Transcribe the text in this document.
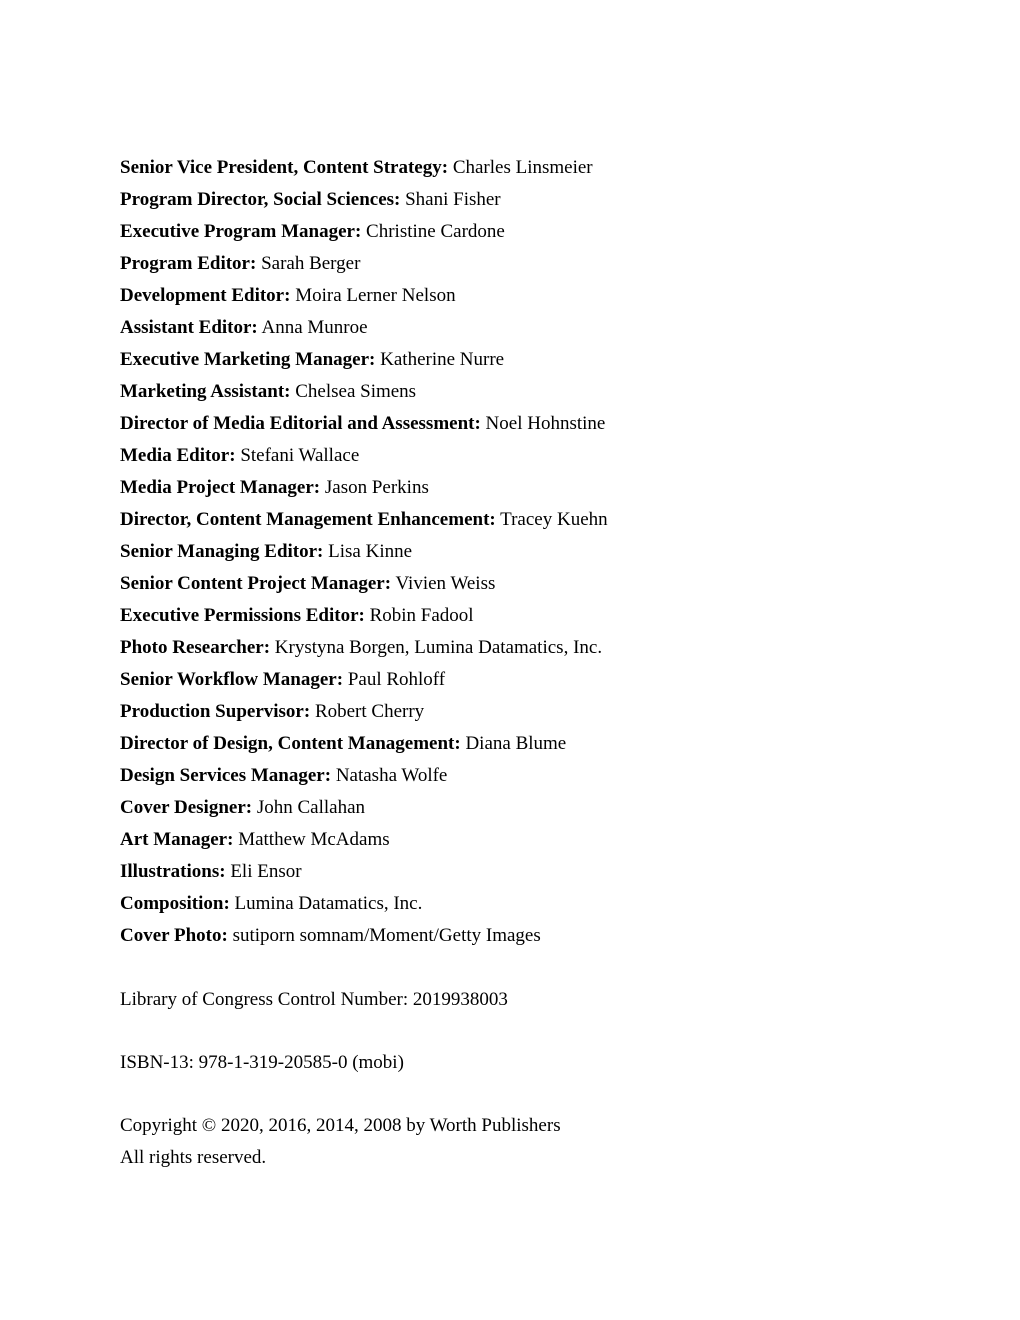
Senior Vice President, Content Strategy: Charles Linsmeier
Program Director, Social Sciences: Shani Fisher
Executive Program Manager: Christine Cardone
Program Editor: Sarah Berger
Development Editor: Moira Lerner Nelson
Assistant Editor: Anna Munroe
Executive Marketing Manager: Katherine Nurre
Marketing Assistant: Chelsea Simens
Director of Media Editorial and Assessment: Noel Hohnstine
Media Editor: Stefani Wallace
Media Project Manager: Jason Perkins
Director, Content Management Enhancement: Tracey Kuehn
Senior Managing Editor: Lisa Kinne
Senior Content Project Manager: Vivien Weiss
Executive Permissions Editor: Robin Fadool
Photo Researcher: Krystyna Borgen, Lumina Datamatics, Inc.
Senior Workflow Manager: Paul Rohloff
Production Supervisor: Robert Cherry
Director of Design, Content Management: Diana Blume
Design Services Manager: Natasha Wolfe
Cover Designer: John Callahan
Art Manager: Matthew McAdams
Illustrations: Eli Ensor
Composition: Lumina Datamatics, Inc.
Cover Photo: sutiporn somnam/Moment/Getty Images
Library of Congress Control Number: 2019938003
ISBN-13: 978-1-319-20585-0 (mobi)
Copyright © 2020, 2016, 2014, 2008 by Worth Publishers
All rights reserved.
